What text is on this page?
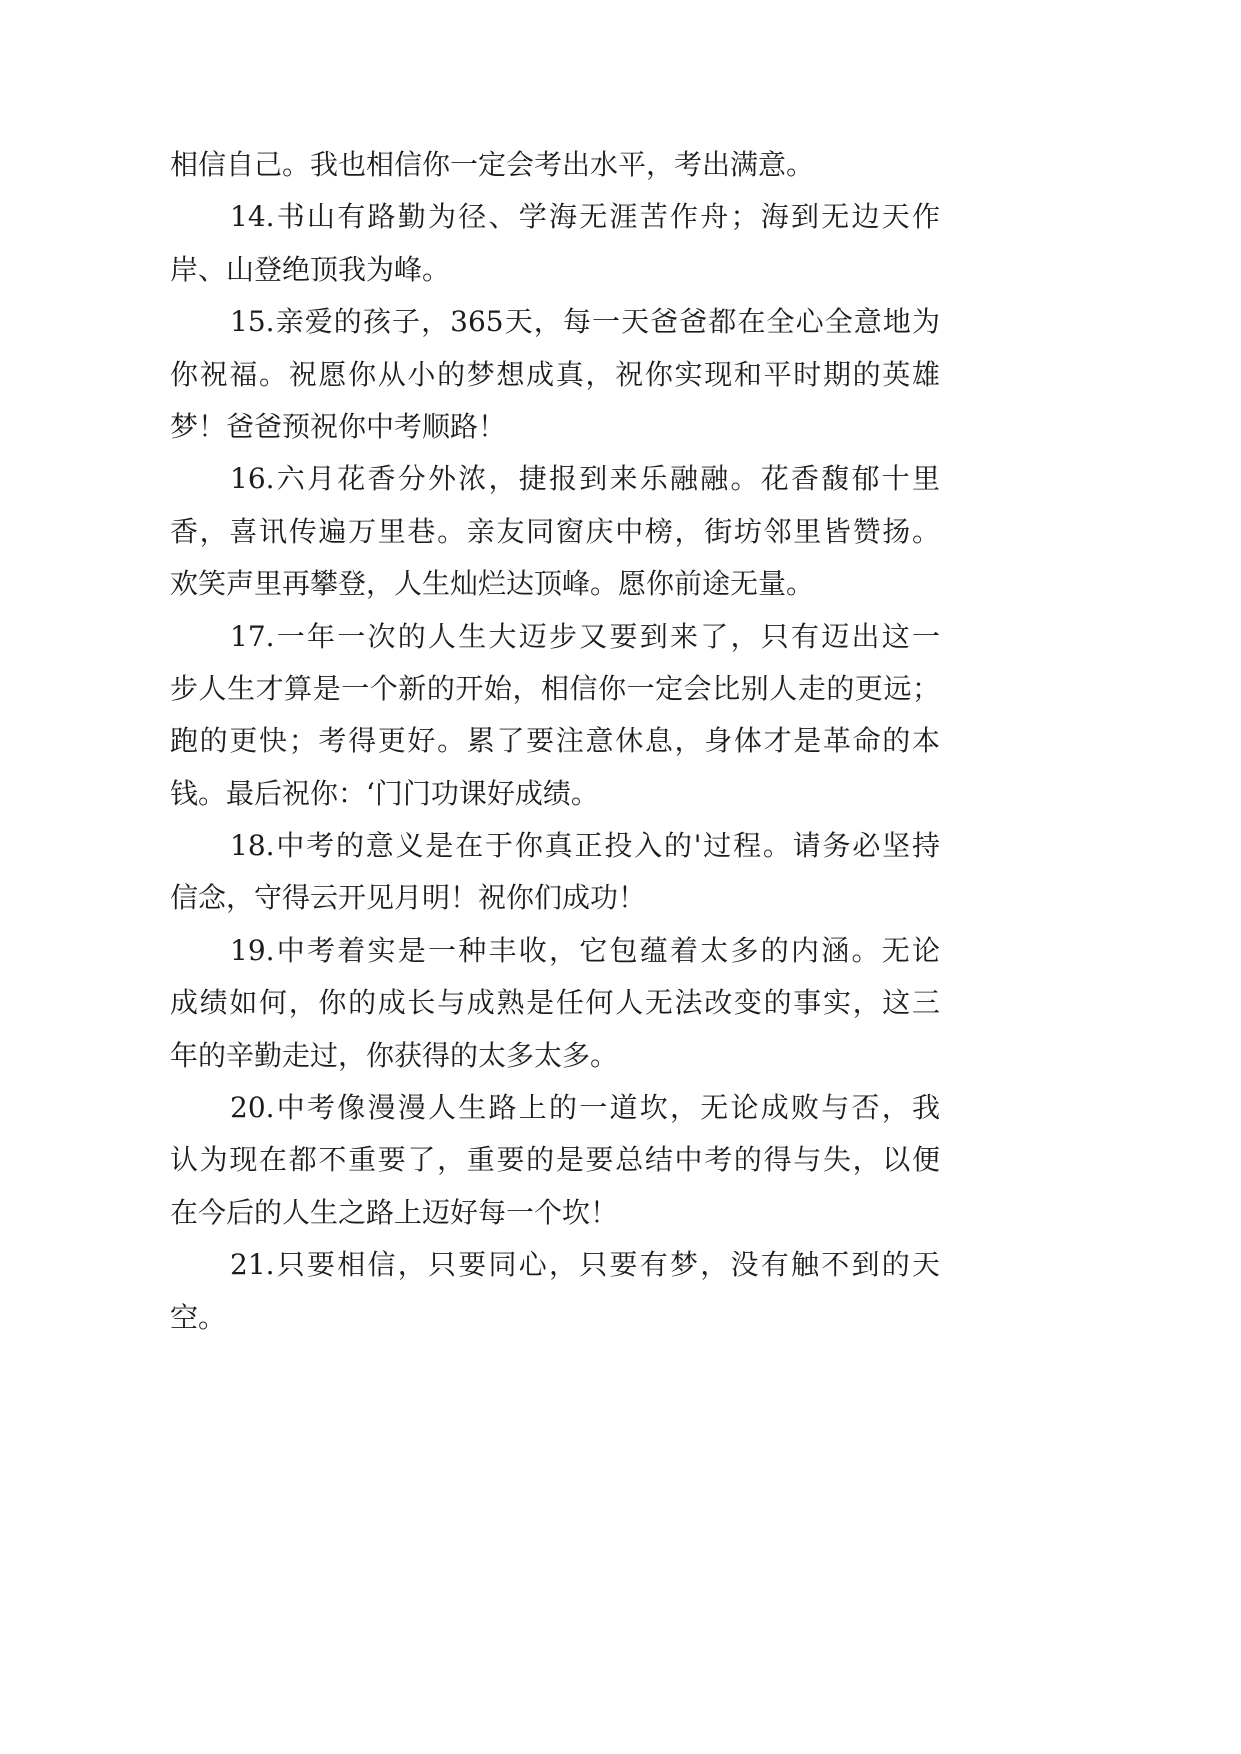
相信自己。我也相信你一定会考出水平，考出满意。
14.书山有路勤为径、学海无涯苦作舟；海到无边天作
岸、山登绝顶我为峰。
15.亲爱的孩子，365天，每一天爸爸都在全心全意地为
你祝福。祝愿你从小的梦想成真，祝你实现和平时期的英雄
梦！爸爸预祝你中考顺路！
16.六月花香分外浓，捷报到来乐融融。花香馥郁十里
香，喜讯传遍万里巷。亲友同窗庆中榜，街坊邻里皆赞扬。
欢笑声里再攀登，人生灿烂达顶峰。愿你前途无量。
17.一年一次的人生大迈步又要到来了，只有迈出这一
步人生才算是一个新的开始，相信你一定会比别人走的更远；
跑的更快；考得更好。累了要注意休息，身体才是革命的本
钱。最后祝你：‘门门功课好成绩。
18.中考的意义是在于你真正投入的'过程。请务必坚持
信念，守得云开见月明！祝你们成功！
19.中考着实是一种丰收，它包蕴着太多的内涵。无论
成绩如何，你的成长与成熟是任何人无法改变的事实，这三
年的辛勤走过，你获得的太多太多。
20.中考像漫漫人生路上的一道坎，无论成败与否，我
认为现在都不重要了，重要的是要总结中考的得与失，以便
在今后的人生之路上迈好每一个坎！
21.只要相信，只要同心，只要有梦，没有触不到的天
空。
